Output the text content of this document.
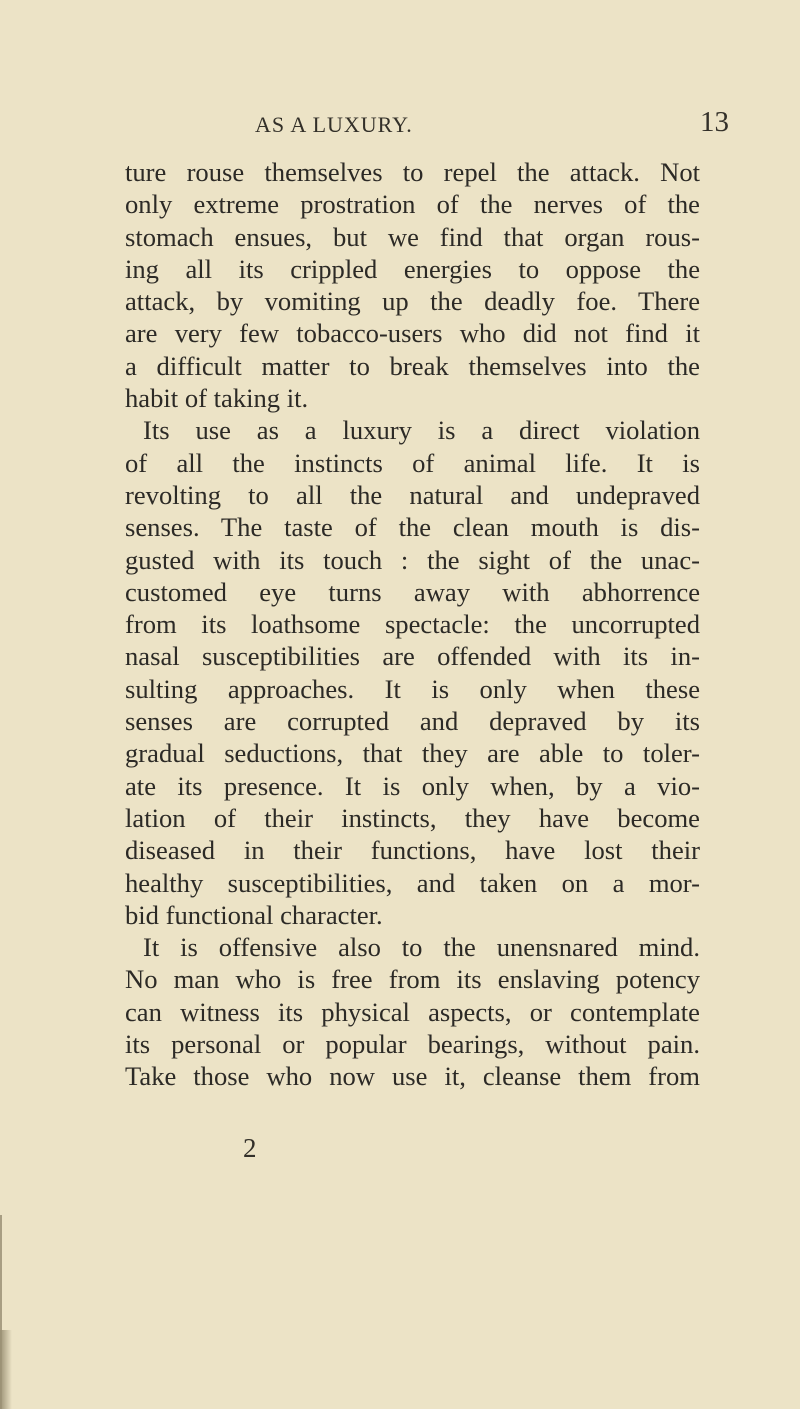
AS A LUXURY.	13
ture rouse themselves to repel the attack. Not
only extreme prostration of the nerves of the
stomach ensues, but we find that organ rous-
ing all its crippled energies to oppose the
attack, by vomiting up the deadly foe. There
are very few tobacco-users who did not find it
a difficult matter to break themselves into the
habit of taking it.
Its use as a luxury is a direct violation
of all the instincts of animal life. It is
revolting to all the natural and undepraved
senses. The taste of the clean mouth is dis-
gusted with its touch : the sight of the unac-
customed eye turns away with abhorrence
from its loathsome spectacle: the uncorrupted
nasal susceptibilities are offended with its in-
sulting approaches. It is only when these
senses are corrupted and depraved by its
gradual seductions, that they are able to toler-
ate its presence. It is only when, by a vio-
lation of their instincts, they have become
diseased in their functions, have lost their
healthy susceptibilities, and taken on a mor-
bid functional character.
It is offensive also to the unensnared mind.
No man who is free from its enslaving potency
can witness its physical aspects, or contemplate
its personal or popular bearings, without pain.
Take those who now use it, cleanse them from
2
